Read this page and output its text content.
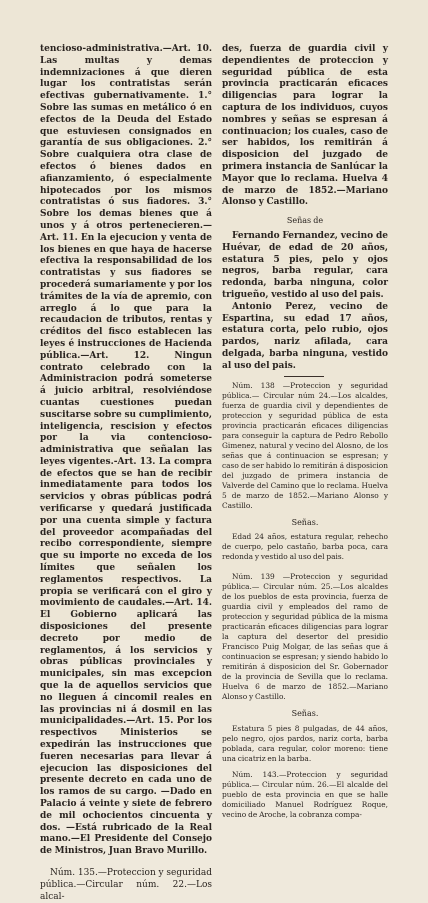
tencioso-administrativa.—Art. 10. Las multas y demas indemnizaciones á que dieren lugar los contratistas serán efectivas gubernativamente. 1.° Sobre las sumas en metálico ó en efectos de la Deuda del Estado que estuviesen consignados en garantía de sus obligaciones. 2.° Sobre cualquiera otra clase de efectos ó bienes dados en afianzamiento, ó especialmente hipotecados por los mismos contratistas ó sus fiadores. 3.° Sobre los demas bienes que á unos y á otros pertenecieren.—Art. 11. En la ejecucion y venta de los bienes en que haya de hacerse efectiva la responsabilidad de los contratistas y sus fiadores se procederá sumariamente y por los trámites de la vía de apremio, con arreglo á lo que para la recaudacion de tributos, rentas y créditos del fisco establecen las leyes é instrucciones de Hacienda pública.—Art. 12. Ningun contrato celebrado con la Administracion podrá someterse á juicio arbitral, resolviéndose cuantas cuestiones puedan suscitarse sobre su cumplimiento, inteligencia, rescision y efectos por la via contencioso-administrativa que señalan las leyes vigentes.-Art. 13. La compra de efectos que se han de recibir inmediatamente para todos los servicios y obras públicas podrá verificarse y quedará justificada por una cuenta simple y factura del proveedor acompañadas del recibo correspondiente, siempre que su importe no exceda de los límites que señalen los reglamentos respectivos. La propia se verificará con el giro y movimiento de caudales.—Art. 14. El Gobierno aplicará las disposiciones del presente decreto por medio de reglamentos, á los servicios y obras públicas provinciales y municipales, sin mas excepcion que la de aquellos servicios que no lleguen á cincomil reales en las provincias ni á dosmil en las municipalidades.—Art. 15. Por los respectivos Ministerios se expedirán las instrucciones que fueren necesarias para llevar á ejecucion las disposiciones del presente decreto en cada uno de los ramos de su cargo. —Dado en Palacio á veinte y siete de febrero de mil ochocientos cincuenta y dos. —Está rubricado de la Real mano.—El Presidente del Consejo de Ministros, Juan Bravo Murillo.

Núm. 135.—Proteccion y seguridad pública.—Circular núm. 22.—Los alcal-

des, fuerza de guardia civil y dependientes de proteccion y seguridad pública de esta provincia practicarán eficaces diligencias para lograr la captura de los individuos, cuyos nombres y señas se espresan á continuacion; los cuales, caso de ser habidos, los remitirán á disposicion del juzgado de primera instancia de Sanlúcar la Mayor que lo reclama. Huelva 4 de marzo de 1852.—Mariano Alonso y Castillo.

Señas de

Fernando Fernandez, vecino de Huévar, de edad de 20 años, estatura 5 pies, pelo y ojos negros, barba regular, cara redonda, barba ninguna, color trigueño, vestido al uso del pais.

Antonio Perez, vecino de Espartina, su edad 17 años, estatura corta, pelo rubio, ojos pardos, nariz afilada, cara delgada, barba ninguna, vestido al uso del pais.

Núm. 138 —Proteccion y seguridad pública.— Circular núm 24.—Los alcaldes, fuerza de guardia civil y dependientes de proteccion y seguridad pública de esta provincia practicarán eficaces diligencias para conseguir la captura de Pedro Rebollo Gimenez, natural y vecino del Alosno, de los señas que á continuacion se espresan; y caso de ser habido lo remitirán á disposicion del juzgado de primera instancia de Valverde del Camino que lo reclama. Huelva 5 de marzo de 1852.—Mariano Alonso y Castillo.

Señas.

Edad 24 años, estatura regular, rehecho de cuerpo, pelo castaño, barba poca, cara redonda y vestido al uso del pais.

Núm. 139 —Proteccion y seguridad pública.— Circular núm. 25.—Los alcaldes de los pueblos de esta provincia, fuerza de guardia civil y empleados del ramo de proteccion y seguridad pública de la misma practicarán eficaces diligencias para lograr la captura del desertor del presidio Francisco Puig Molgar, de las señas que á continuacion se espresan; y siendo habido lo remitirán á disposicion del Sr. Gobernador de la provincia de Sevilla que lo reclama. Huelva 6 de marzo de 1852.—Mariano Alonso y Castillo.

Señas.

Estatura 5 pies 8 pulgadas, de 44 años, pelo negro, ojos pardos, nariz corta, barba poblada, cara regular, color moreno: tiene una cicatriz en la barba.

Núm. 143.—Proteccion y seguridad pública.— Circular núm. 26.—El alcalde del pueblo de esta provincia en que se halle domiciliado Manuel Rodríguez Roque, vecino de Aroche, la cobranza compa-
